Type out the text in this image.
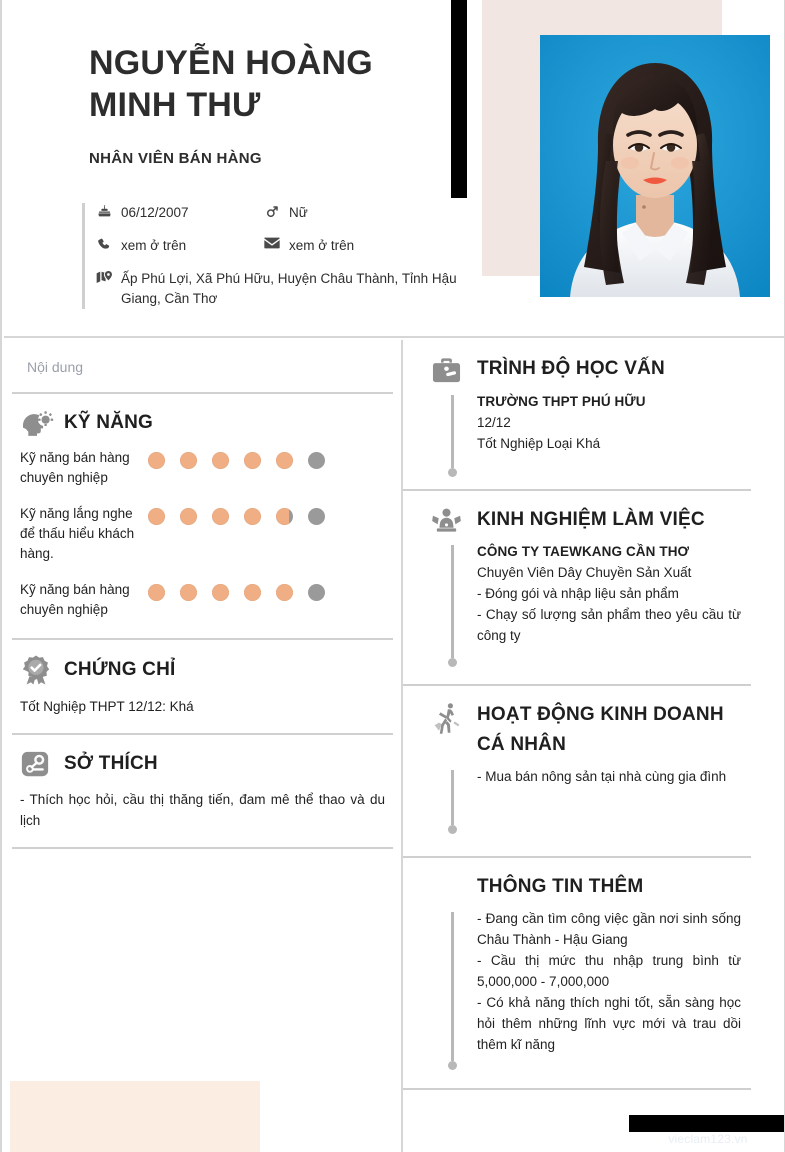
NGUYỄN HOÀNG MINH THƯ
NHÂN VIÊN BÁN HÀNG
06/12/2007	Nữ
xem ở trên	xem ở trên
Ấp Phú Lợi, Xã Phú Hữu, Huyện Châu Thành, Tỉnh Hậu Giang, Cần Thơ
Nội dung
KỸ NĂNG
Kỹ năng bán hàng chuyên nghiệp
Kỹ năng lắng nghe để thấu hiểu khách hàng.
Kỹ năng bán hàng chuyên nghiệp
CHỨNG CHỈ
Tốt Nghiệp THPT 12/12: Khá
SỞ THÍCH
- Thích học hỏi, cầu thị thăng tiến, đam mê thể thao và du lịch
TRÌNH ĐỘ HỌC VẤN
TRƯỜNG THPT PHÚ HỮU
12/12
Tốt Nghiệp Loại Khá
KINH NGHIỆM LÀM VIỆC
CÔNG TY TAEWKANG CẦN THƠ
Chuyên Viên Dây Chuyền Sản Xuất
- Đóng gói và nhập liệu sản phẩm
- Chạy số lượng sản phẩm theo yêu cầu từ công ty
HOẠT ĐỘNG KINH DOANH CÁ NHÂN
- Mua bán nông sản tại nhà cùng gia đình
THÔNG TIN THÊM
- Đang cần tìm công việc gần nơi sinh sống Châu Thành - Hậu Giang
- Cầu thị mức thu nhập trung bình từ 5,000,000 - 7,000,000
- Có khả năng thích nghi tốt, sẵn sàng học hỏi thêm những lĩnh vực mới và trau dồi thêm kĩ năng
vieclam123.vn
